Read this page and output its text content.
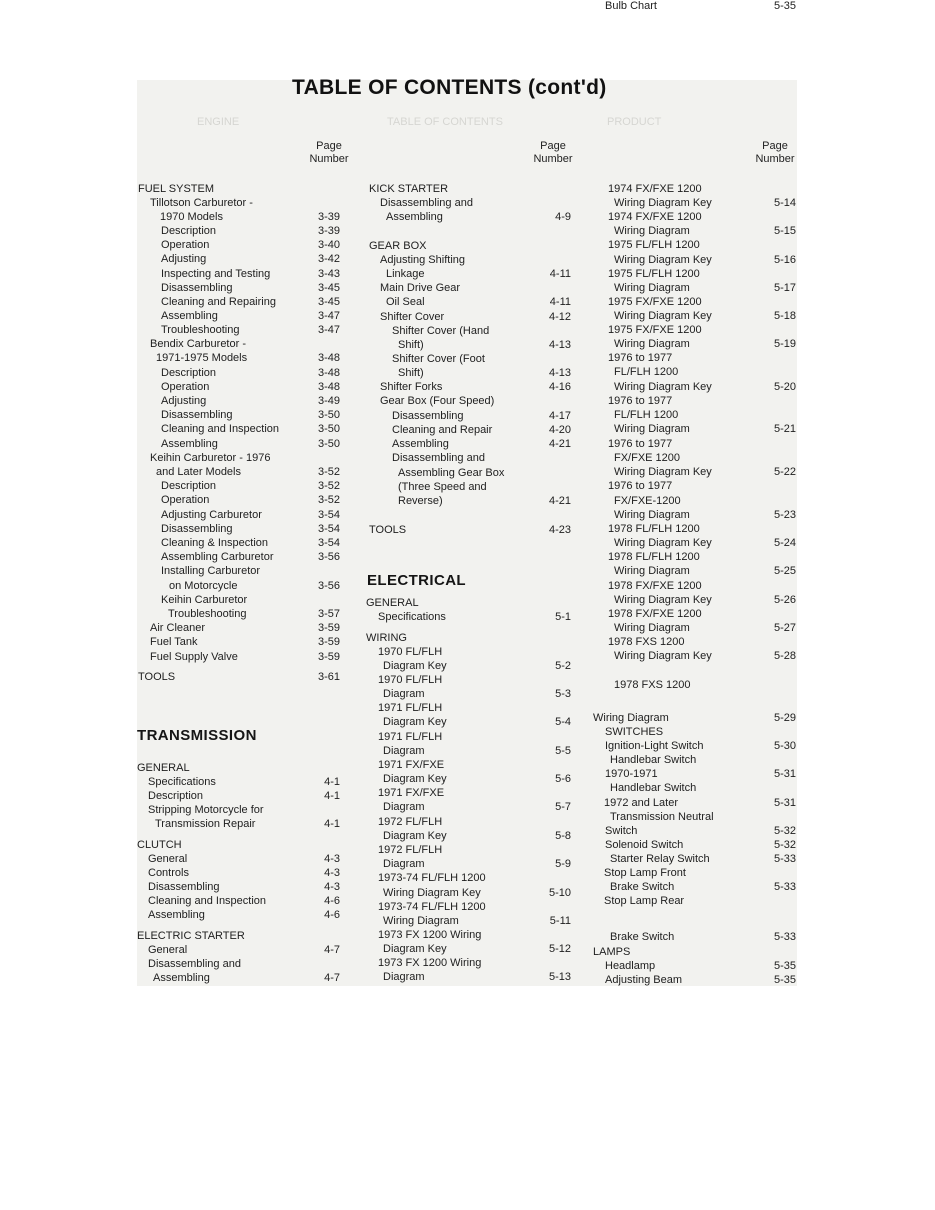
ENGINE	TABLE OF CONTENTS	PRODUCT
TABLE OF CONTENTS (cont'd)
Page
Number
Page
Number
Page
Number
FUEL SYSTEM
Tillotson Carburetor -
1970 Models	3-39
Description	3-39
Operation	3-40
Adjusting	3-42
Inspecting and Testing	3-43
Disassembling	3-45
Cleaning and Repairing	3-45
Assembling	3-47
Troubleshooting	3-47
Bendix Carburetor -
1971-1975 Models	3-48
Description	3-48
Operation	3-48
Adjusting	3-49
Disassembling	3-50
Cleaning and Inspection	3-50
Assembling	3-50
Keihin Carburetor - 1976
and Later Models	3-52
Description	3-52
Operation	3-52
Adjusting Carburetor	3-54
Disassembling	3-54
Cleaning & Inspection	3-54
Assembling Carburetor	3-56
Installing Carburetor
on Motorcycle	3-56
Keihin Carburetor
Troubleshooting	3-57
Air Cleaner	3-59
Fuel Tank	3-59
Fuel Supply Valve	3-59
TOOLS	3-61
TRANSMISSION
GENERAL
Specifications	4-1
Description	4-1
Stripping Motorcycle for
Transmission Repair	4-1
CLUTCH
General	4-3
Controls	4-3
Disassembling	4-3
Cleaning and Inspection	4-6
Assembling	4-6
ELECTRIC STARTER
General	4-7
Disassembling and
Assembling	4-7
KICK STARTER
Disassembling and
Assembling	4-9
GEAR BOX
Adjusting Shifting
Linkage	4-11
Main Drive Gear
Oil Seal	4-11
Shifter Cover	4-12
Shifter Cover (Hand
Shift)	4-13
Shifter Cover (Foot
Shift)	4-13
Shifter Forks	4-16
Gear Box (Four Speed)
Disassembling	4-17
Cleaning and Repair	4-20
Assembling	4-21
Disassembling and
Assembling Gear Box
(Three Speed and
Reverse)	4-21
TOOLS	4-23
ELECTRICAL
GENERAL
Specifications	5-1
WIRING
1970 FL/FLH
Diagram Key	5-2
1970 FL/FLH
Diagram	5-3
1971 FL/FLH
Diagram Key	5-4
1971 FL/FLH
Diagram	5-5
1971 FX/FXE
Diagram Key	5-6
1971 FX/FXE
Diagram	5-7
1972 FL/FLH
Diagram Key	5-8
1972 FL/FLH
Diagram	5-9
1973-74 FL/FLH 1200
Wiring Diagram Key	5-10
1973-74 FL/FLH 1200
Wiring Diagram	5-11
1973 FX 1200 Wiring
Diagram Key	5-12
1973 FX 1200 Wiring
Diagram	5-13
1974 FX/FXE 1200
Wiring Diagram Key	5-14
1974 FX/FXE 1200
Wiring Diagram	5-15
1975 FL/FLH 1200
Wiring Diagram Key	5-16
1975 FL/FLH 1200
Wiring Diagram	5-17
1975 FX/FXE 1200
Wiring Diagram Key	5-18
1975 FX/FXE 1200
Wiring Diagram	5-19
1976 to 1977
FL/FLH 1200
Wiring Diagram Key	5-20
1976 to 1977
FL/FLH 1200
Wiring Diagram	5-21
1976 to 1977
FX/FXE 1200
Wiring Diagram Key	5-22
1976 to 1977
FX/FXE-1200
Wiring Diagram	5-23
1978 FL/FLH 1200
Wiring Diagram Key	5-24
1978 FL/FLH 1200
Wiring Diagram	5-25
1978 FX/FXE 1200
Wiring Diagram Key	5-26
1978 FX/FXE 1200
Wiring Diagram	5-27
1978 FXS 1200
Wiring Diagram Key	5-28
1978 FXS 1200
Wiring Diagram	5-29
SWITCHES
Ignition-Light Switch	5-30
Handlebar Switch
1970-1971	5-31
Handlebar Switch
1972 and Later	5-31
Transmission Neutral
Switch	5-32
Solenoid Switch	5-32
Starter Relay Switch	5-33
Stop Lamp Front
Brake Switch	5-33
Stop Lamp Rear
Brake Switch	5-33
LAMPS
Headlamp	5-35
Adjusting Beam	5-35
Bulb Chart	5-35
